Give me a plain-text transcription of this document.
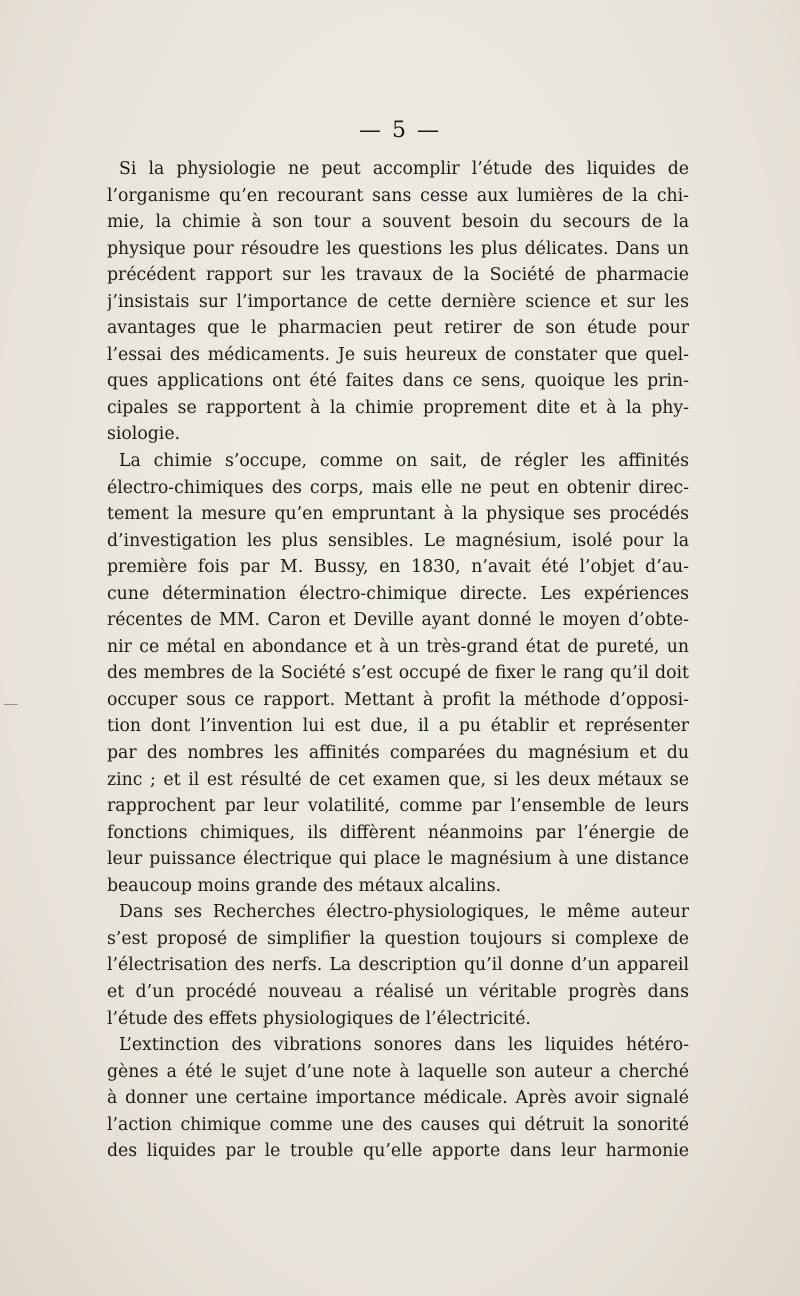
— 5 —
Si la physiologie ne peut accomplir l’étude des liquides de
l’organisme qu’en recourant sans cesse aux lumières de la chi-
mie, la chimie à son tour a souvent besoin du secours de la
physique pour résoudre les questions les plus délicates. Dans un
précédent rapport sur les travaux de la Société de pharmacie
j’insistais sur l’importance de cette dernière science et sur les
avantages que le pharmacien peut retirer de son étude pour
l’essai des médicaments. Je suis heureux de constater que quel-
ques applications ont été faites dans ce sens, quoique les prin-
cipales se rapportent à la chimie proprement dite et à la phy-
siologie.
La chimie s’occupe, comme on sait, de régler les affinités
électro-chimiques des corps, mais elle ne peut en obtenir direc-
tement la mesure qu’en empruntant à la physique ses procédés
d’investigation les plus sensibles. Le magnésium, isolé pour la
première fois par M. Bussy, en 1830, n’avait été l’objet d’au-
cune détermination électro-chimique directe. Les expériences
récentes de MM. Caron et Deville ayant donné le moyen d’obte-
nir ce métal en abondance et à un très-grand état de pureté, un
des membres de la Société s’est occupé de fixer le rang qu’il doit
occuper sous ce rapport. Mettant à profit la méthode d’opposi-
tion dont l’invention lui est due, il a pu établir et représenter
par des nombres les affinités comparées du magnésium et du
zinc ; et il est résulté de cet examen que, si les deux métaux se
rapprochent par leur volatilité, comme par l’ensemble de leurs
fonctions chimiques, ils diffèrent néanmoins par l’énergie de
leur puissance électrique qui place le magnésium à une distance
beaucoup moins grande des métaux alcalins.
Dans ses Recherches électro-physiologiques, le même auteur
s’est proposé de simplifier la question toujours si complexe de
l’électrisation des nerfs. La description qu’il donne d’un appareil
et d’un procédé nouveau a réalisé un véritable progrès dans
l’étude des effets physiologiques de l’électricité.
L’extinction des vibrations sonores dans les liquides hétéro-
gènes a été le sujet d’une note à laquelle son auteur a cherché
à donner une certaine importance médicale. Après avoir signalé
l’action chimique comme une des causes qui détruit la sonorité
des liquides par le trouble qu’elle apporte dans leur harmonie
